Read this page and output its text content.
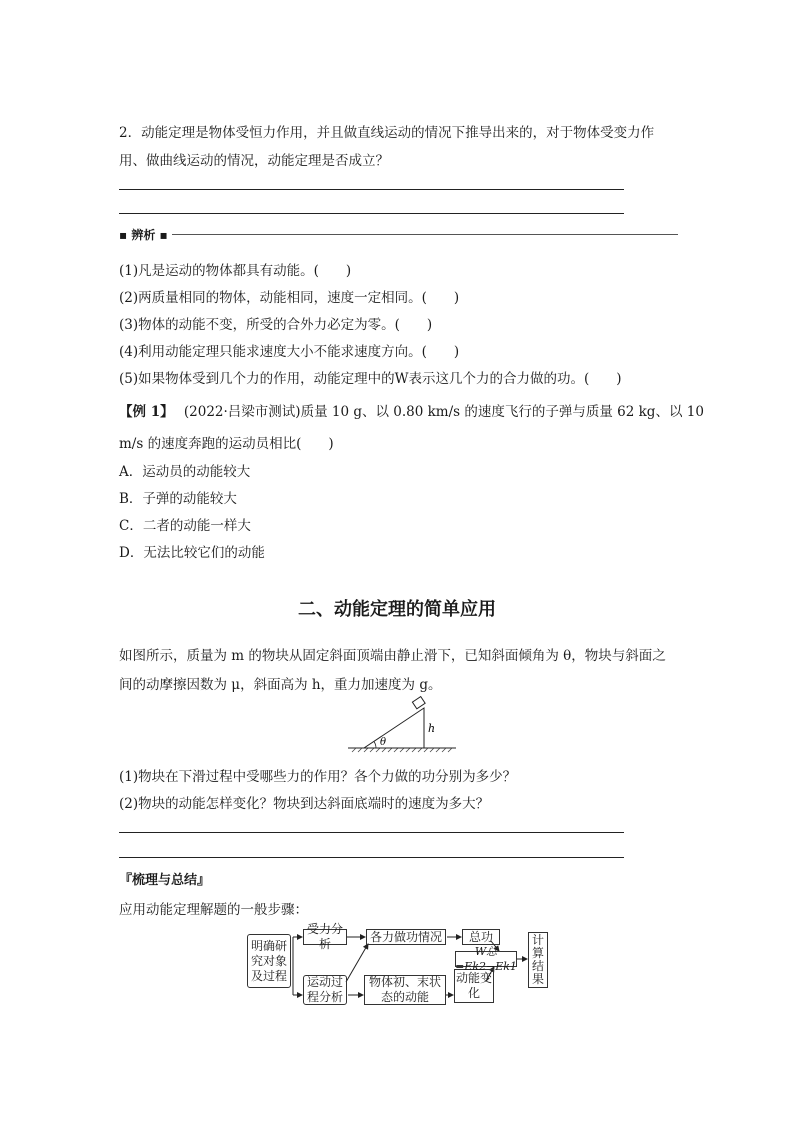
2．动能定理是物体受恒力作用，并且做直线运动的情况下推导出来的，对于物体受变力作
用、做曲线运动的情况，动能定理是否成立？
▪ 辨析 ▪
(1)凡是运动的物体都具有动能。(　　)
(2)两质量相同的物体，动能相同，速度一定相同。(　　)
(3)物体的动能不变，所受的合外力必定为零。(　　)
(4)利用动能定理只能求速度大小不能求速度方向。(　　)
(5)如果物体受到几个力的作用，动能定理中的W表示这几个力的合力做的功。(　　)
【例 1】 (2022·吕梁市测试)质量 10 g、以 0.80 km/s 的速度飞行的子弹与质量 62 kg、以 10
m/s 的速度奔跑的运动员相比(　　)
A．运动员的动能较大
B．子弹的动能较大
C．二者的动能一样大
D．无法比较它们的动能
二、动能定理的简单应用
如图所示，质量为 m 的物块从固定斜面顶端由静止滑下，已知斜面倾角为 θ，物块与斜面之
间的动摩擦因数为 μ，斜面高为 h，重力加速度为 g。
θ
h
(1)物块在下滑过程中受哪些力的作用？各个力做的功分别为多少？
(2)物块的动能怎样变化？物块到达斜面底端时的速度为多大？
『梳理与总结』
应用动能定理解题的一般步骤：
明确研究对象及过程
受力分析
各力做功情况	总功
运动过程分析
物体初、末状态的动能
动能变化
W总=Ek2−Ek1
计算结果
